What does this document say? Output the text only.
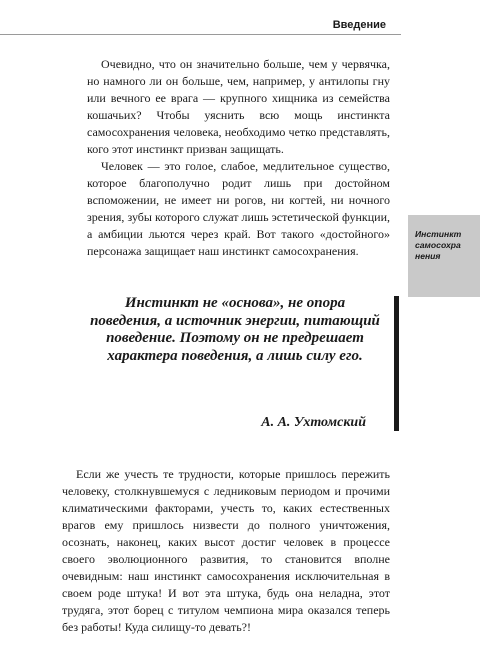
Введение

Очевидно, что он значительно больше, чем у червячка, но намного ли он больше, чем, например, у антилопы гну или вечного ее врага — крупного хищника из семейства кошачьих? Чтобы уяснить всю мощь инстинкта самосохранения человека, необходимо четко представлять, кого этот инстинкт призван защищать.

Человек — это голое, слабое, медлительное существо, которое благополучно родит лишь при достойном вспоможении, не имеет ни рогов, ни когтей, ни ночного зрения, зубы которого служат лишь эстетической функции, а амбиции льются через край. Вот такого «достойного» персонажа защищает наш инстинкт самосохранения.

Инстинкт
самосохра
нения

Инстинкт не «основа», не опора поведения, а источник энергии, питающий поведение. Поэтому он не предрешает характера поведения, а лишь силу его.

А. А. Ухтомский

Если же учесть те трудности, которые пришлось пережить человеку, столкнувшемуся с ледниковым периодом и прочими климатическими факторами, учесть то, каких естественных врагов ему пришлось низвести до полного уничтожения, осознать, наконец, каких высот достиг человек в процессе своего эволюционного развития, то становится вполне очевидным: наш инстинкт самосохранения исключительная в своем роде штука! И вот эта штука, будь она неладна, этот трудяга, этот борец с титулом чемпиона мира оказался теперь без работы! Куда силищу-то девать?!
